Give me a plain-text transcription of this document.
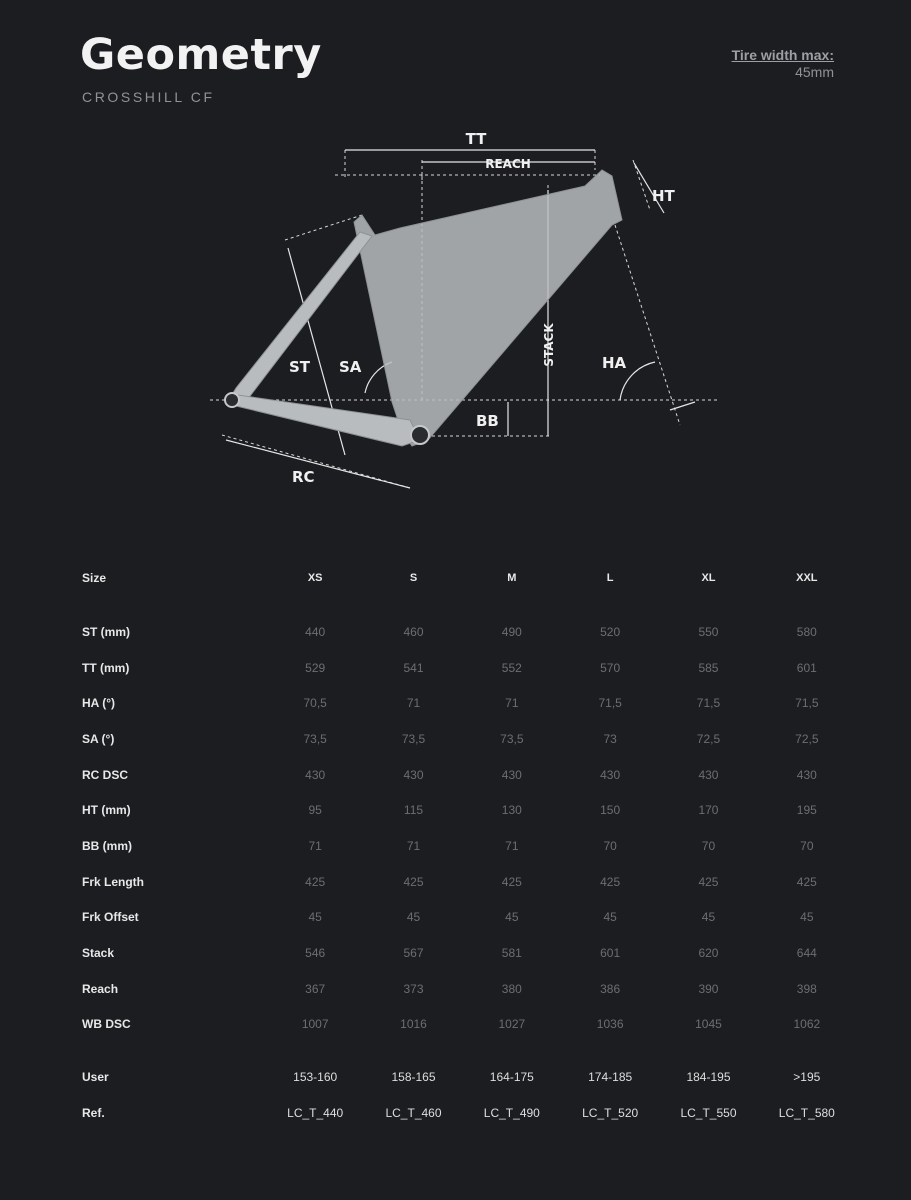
Geometry
CROSSHILL CF
Tire width max:
45mm
TT
REACH
HT
ST SA
STACK	HA
BB
RC
Size	XS	S	M	L	XL	XXL

ST (mm)	440	460	490	520	550	580
TT (mm)	529	541	552	570	585	601
HA (°)	70,5	71	71	71,5	71,5	71,5
SA (°)	73,5	73,5	73,5	73	72,5	72,5
RC DSC	430	430	430	430	430	430
HT (mm)	95	115	130	150	170	195
BB (mm)	71	71	71	70	70	70
Frk Length	425	425	425	425	425	425
Frk Offset	45	45	45	45	45	45
Stack	546	567	581	601	620	644
Reach	367	373	380	386	390	398
WB DSC	1007	1016	1027	1036	1045	1062

User	153-160	158-165	164-175	174-185	184-195	>195
Ref.	LC_T_440	LC_T_460	LC_T_490	LC_T_520	LC_T_550	LC_T_580
